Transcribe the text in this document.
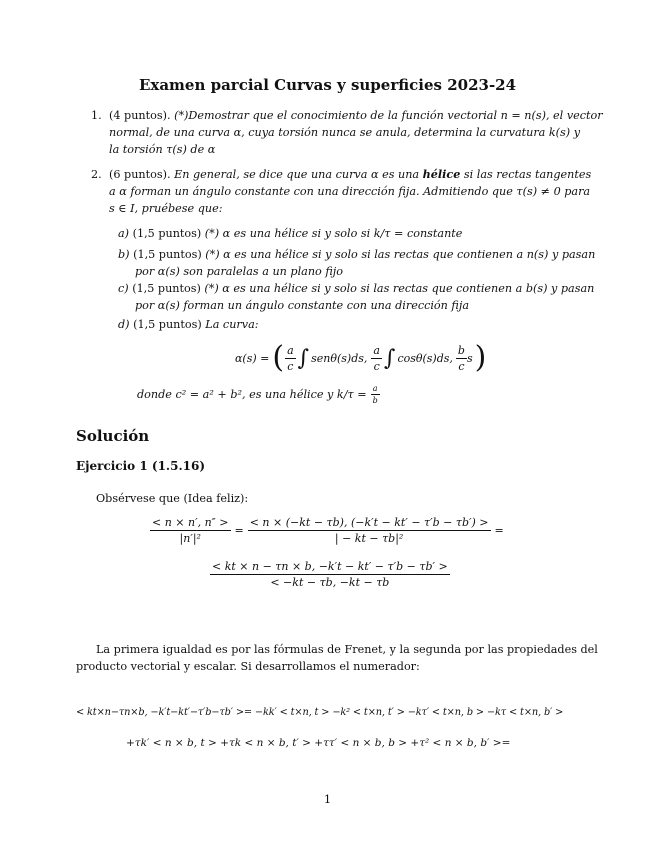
Examen parcial Curvas y superficies 2023-24
1. (4 puntos). (*)Demostrar que el conocimiento de la función vectorial n = n(s), el vector
normal, de una curva α, cuya torsión nunca se anula, determina la curvatura k(s) y
la torsión τ(s) de α
2. (6 puntos). En general, se dice que una curva α es una hélice si las rectas tangentes
a α forman un ángulo constante con una dirección fija. Admitiendo que τ(s) ≠ 0 para
s ∈ I, pruébese que:
a) (1,5 puntos) (*) α es una hélice si y solo si k/τ = constante
b) (1,5 puntos) (*) α es una hélice si y solo si las rectas que contienen a n(s) y pasan
por α(s) son paralelas a un plano fijo
c) (1,5 puntos) (*) α es una hélice si y solo si las rectas que contienen a b(s) y pasan
por α(s) forman un ángulo constante con una dirección fija
d) (1,5 puntos) La curva:
α(s) = ( $\frac{a}{c}$ ∫ senθ(s)ds, $\frac{a}{c}$ ∫ cosθ(s)ds, $\frac{b}{c}$ s )
donde c² = a² + b², es una hélice y $k/\tau = \frac{a}{b}$
Solución
Ejercicio 1 (1.5.16)
Obsérvese que (Idea feliz):
$\frac{< n \times n', n'' >}{\text{|n′|²}} = \frac{< n \times (-kt - \tau b), (-k't - kt' - \tau'b - \tau b') >}{\text{| − kt − τb|²}}$ =
$\frac{< kt \times n - \tau n \times b, -k't - kt' - \tau'b - \tau b' >}{< -kt - \tau b, -kt - \tau b}$
La primera igualdad es por las fórmulas de Frenet, y la segunda por las propiedades del
producto vectorial y escalar. Si desarrollamos el numerador:
< kt×n−τn×b, −k′t−kt′−τ′b−τb′ >= −kk′ < t×n, t > −k² < t×n, t′ > −kτ′ < t×n, b > −kτ < t×n, b′ >
+τk′ < n × b, t > +τk < n × b, t′ > +ττ′ < n × b, b > +τ² < n × b, b′ >=
1
